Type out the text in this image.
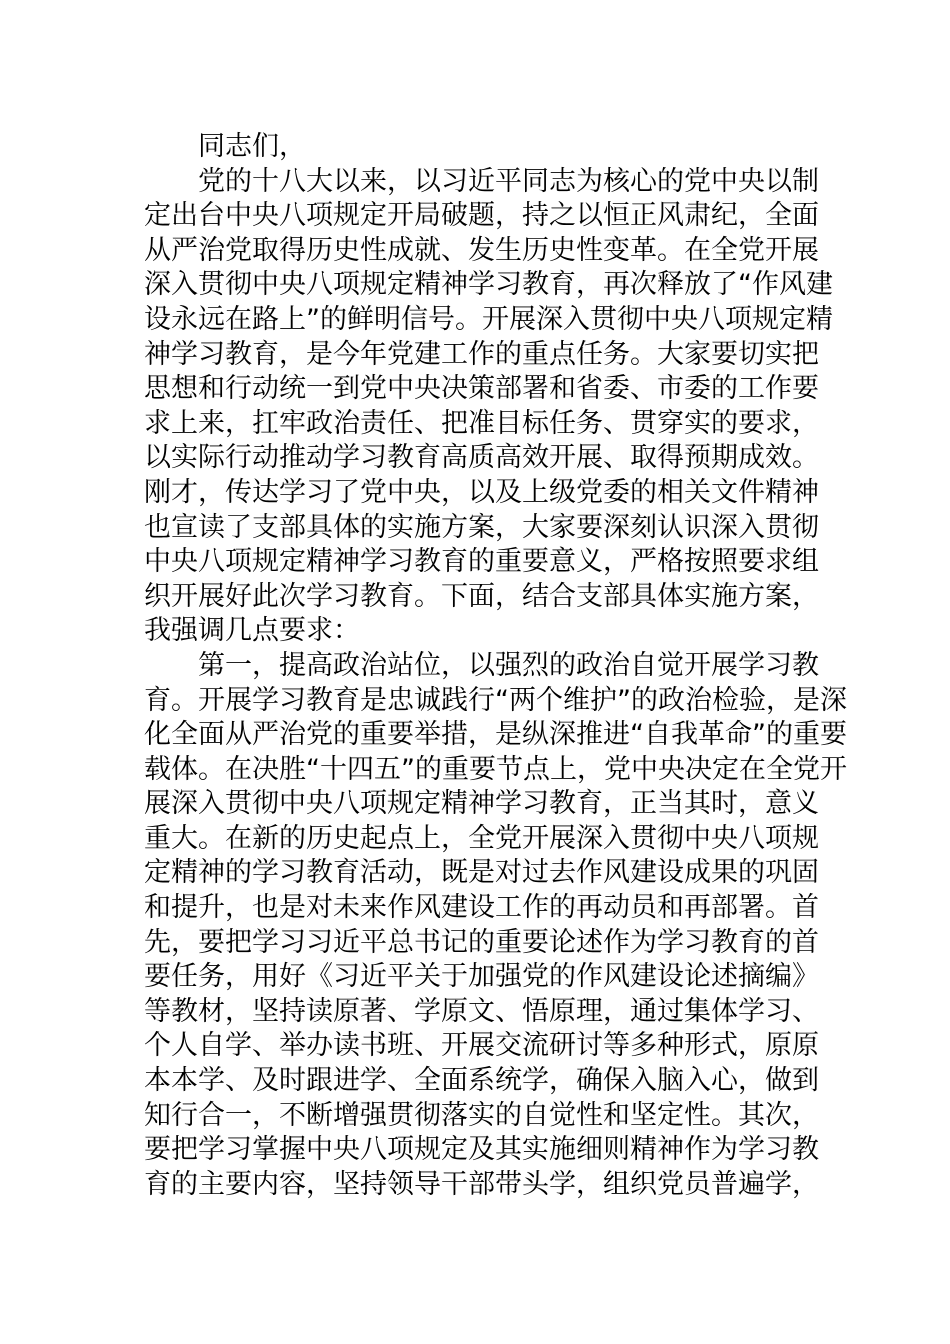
同志们，
党的十八大以来，以习近平同志为核心的党中央以制
定出台中央八项规定开局破题，持之以恒正风肃纪，全面
从严治党取得历史性成就、发生历史性变革。在全党开展
深入贯彻中央八项规定精神学习教育，再次释放了“作风建
设永远在路上”的鲜明信号。开展深入贯彻中央八项规定精
神学习教育，是今年党建工作的重点任务。大家要切实把
思想和行动统一到党中央决策部署和省委、市委的工作要
求上来，扛牢政治责任、把准目标任务、贯穿实的要求，
以实际行动推动学习教育高质高效开展、取得预期成效。
刚才，传达学习了党中央，以及上级党委的相关文件精神
也宣读了支部具体的实施方案，大家要深刻认识深入贯彻
中央八项规定精神学习教育的重要意义，严格按照要求组
织开展好此次学习教育。下面，结合支部具体实施方案，
我强调几点要求：
第一，提高政治站位，以强烈的政治自觉开展学习教
育。开展学习教育是忠诚践行“两个维护”的政治检验，是深
化全面从严治党的重要举措，是纵深推进“自我革命”的重要
载体。在决胜“十四五”的重要节点上，党中央决定在全党开
展深入贯彻中央八项规定精神学习教育，正当其时，意义
重大。在新的历史起点上，全党开展深入贯彻中央八项规
定精神的学习教育活动，既是对过去作风建设成果的巩固
和提升，也是对未来作风建设工作的再动员和再部署。首
先，要把学习习近平总书记的重要论述作为学习教育的首
要任务，用好《习近平关于加强党的作风建设论述摘编》
等教材，坚持读原著、学原文、悟原理，通过集体学习、
个人自学、举办读书班、开展交流研讨等多种形式，原原
本本学、及时跟进学、全面系统学，确保入脑入心，做到
知行合一，不断增强贯彻落实的自觉性和坚定性。其次，
要把学习掌握中央八项规定及其实施细则精神作为学习教
育的主要内容，坚持领导干部带头学，组织党员普遍学，
